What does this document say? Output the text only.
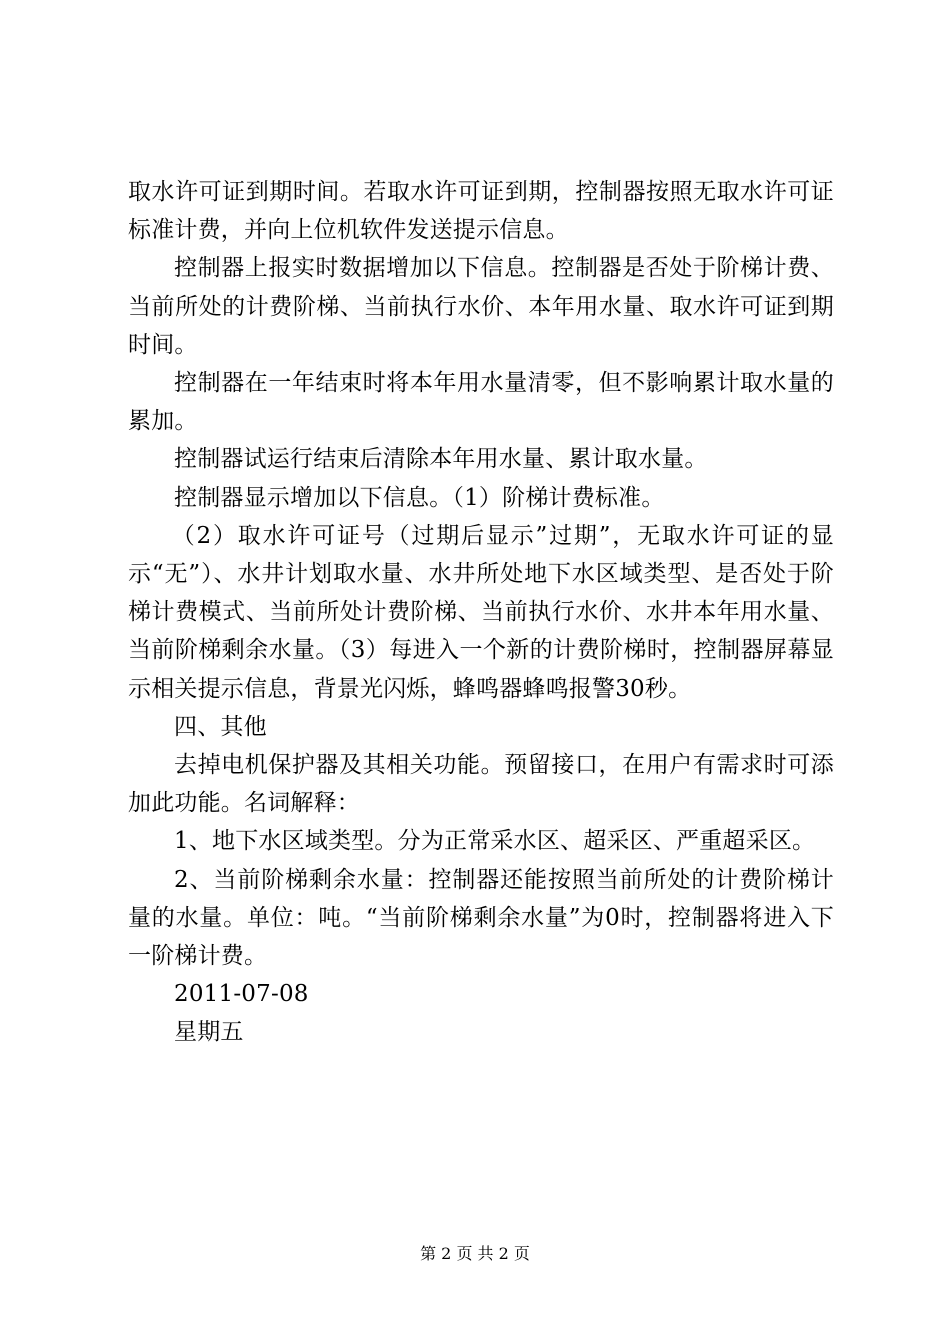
取水许可证到期时间。若取水许可证到期，控制器按照无取水许可证标准计费，并向上位机软件发送提示信息。

控制器上报实时数据增加以下信息。控制器是否处于阶梯计费、当前所处的计费阶梯、当前执行水价、本年用水量、取水许可证到期时间。

控制器在一年结束时将本年用水量清零，但不影响累计取水量的累加。

控制器试运行结束后清除本年用水量、累计取水量。

控制器显示增加以下信息。（1）阶梯计费标准。

（2）取水许可证号（过期后显示”过期”，无取水许可证的显示“无”）、水井计划取水量、水井所处地下水区域类型、是否处于阶梯计费模式、当前所处计费阶梯、当前执行水价、水井本年用水量、当前阶梯剩余水量。（3）每进入一个新的计费阶梯时，控制器屏幕显示相关提示信息，背景光闪烁，蜂鸣器蜂鸣报警30秒。

四、其他

去掉电机保护器及其相关功能。预留接口，在用户有需求时可添加此功能。名词解释：

1、地下水区域类型。分为正常采水区、超采区、严重超采区。

2、当前阶梯剩余水量：控制器还能按照当前所处的计费阶梯计量的水量。单位：吨。“当前阶梯剩余水量”为0时，控制器将进入下一阶梯计费。

2011-07-08

星期五

第 2 页 共 2 页
